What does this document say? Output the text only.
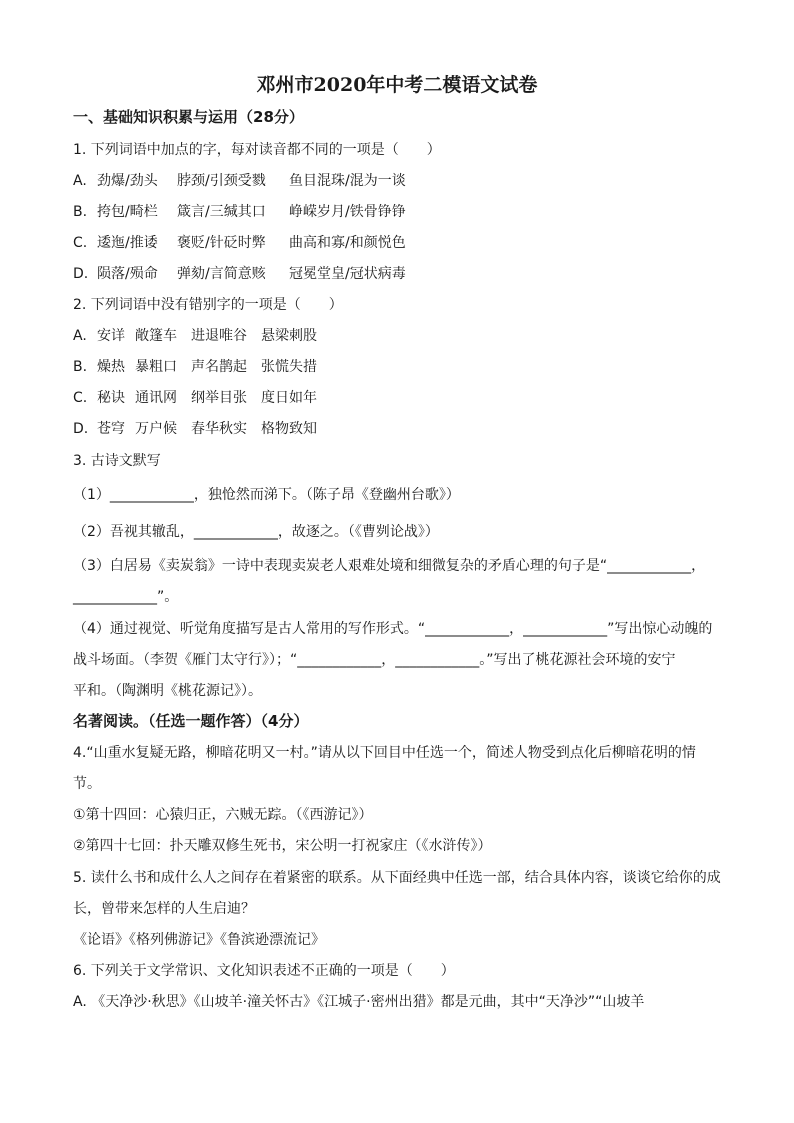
邓州市2020年中考二模语文试卷
一、基础知识积累与运用（28分）
1. 下列词语中加点的字，每对读音都不同的一项是（　　）
A. 劲爆/劲头 脖颈/引颈受戮 鱼目混珠/混为一谈
B. 挎包/畸栏 箴言/三缄其口 峥嵘岁月/铁骨铮铮
C. 逶迤/推诿 褒贬/针砭时弊 曲高和寡/和颜悦色
D. 陨落/殒命 弹劾/言简意赅 冠冕堂皇/冠状病毒
2. 下列词语中没有错别字的一项是（　　）
A. 安详 敞篷车 进退唯谷 悬梁刺股
B. 燥热 暴粗口 声名鹊起 张慌失措
C. 秘诀 通讯网 纲举目张 度日如年
D. 苍穹 万户候 春华秋实 格物致知
3. 古诗文默写
（1）____________，独怆然而涕下。（陈子昂《登幽州台歌》）
（2）吾视其辙乱，____________，故逐之。（《曹刿论战》）
（3）白居易《卖炭翁》一诗中表现卖炭老人艰难处境和细微复杂的矛盾心理的句子是“____________，
____________”。
（4）通过视觉、听觉角度描写是古人常用的写作形式。“____________，____________”写出惊心动魄的
战斗场面。（李贺《雁门太守行》）；“____________，____________。”写出了桃花源社会环境的安宁
平和。（陶渊明《桃花源记》）。
名著阅读。（任选一题作答）（4分）
4.“山重水复疑无路，柳暗花明又一村。”请从以下回目中任选一个，简述人物受到点化后柳暗花明的情
节。
①第十四回：心猿归正，六贼无踪。（《西游记》）
②第四十七回：扑天雕双修生死书，宋公明一打祝家庄（《水浒传》）
5. 读什么书和成什么人之间存在着紧密的联系。从下面经典中任选一部，结合具体内容，谈谈它给你的成
长，曾带来怎样的人生启迪？
《论语》《格列佛游记》《鲁滨逊漂流记》
6. 下列关于文学常识、文化知识表述不正确的一项是（　　）
A. 《天净沙·秋思》《山坡羊·潼关怀古》《江城子·密州出猎》都是元曲，其中“天净沙”“山坡羊
